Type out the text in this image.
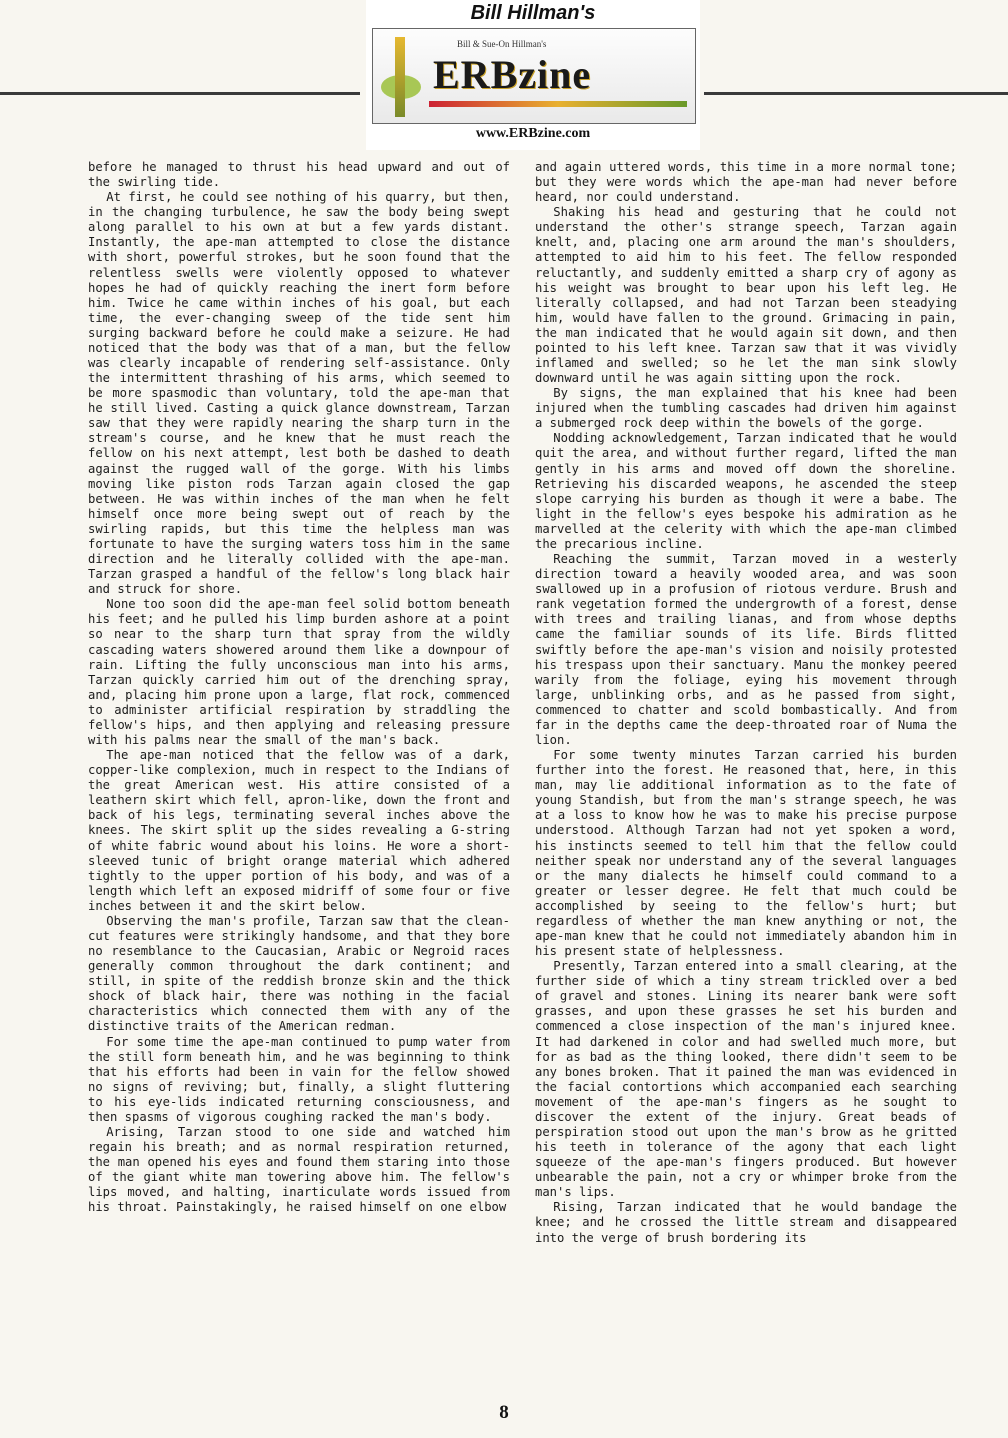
Bill Hillman's
Bill & Sue-On Hillman's
ERBzine
www.ERBzine.com

before he managed to thrust his head upward and out of the swirling tide.

At first, he could see nothing of his quarry, but then, in the changing turbulence, he saw the body being swept along parallel to his own at but a few yards distant. Instantly, the ape-man attempted to close the distance with short, powerful strokes, but he soon found that the relentless swells were violently opposed to whatever hopes he had of quickly reaching the inert form before him. Twice he came within inches of his goal, but each time, the ever-changing sweep of the tide sent him surging backward before he could make a seizure. He had noticed that the body was that of a man, but the fellow was clearly incapable of rendering self-assistance. Only the intermittent thrashing of his arms, which seemed to be more spasmodic than voluntary, told the ape-man that he still lived. Casting a quick glance downstream, Tarzan saw that they were rapidly nearing the sharp turn in the stream's course, and he knew that he must reach the fellow on his next attempt, lest both be dashed to death against the rugged wall of the gorge. With his limbs moving like piston rods Tarzan again closed the gap between. He was within inches of the man when he felt himself once more being swept out of reach by the swirling rapids, but this time the helpless man was fortunate to have the surging waters toss him in the same direction and he literally collided with the ape-man. Tarzan grasped a handful of the fellow's long black hair and struck for shore.

None too soon did the ape-man feel solid bottom beneath his feet; and he pulled his limp burden ashore at a point so near to the sharp turn that spray from the wildly cascading waters showered around them like a downpour of rain. Lifting the fully unconscious man into his arms, Tarzan quickly carried him out of the drenching spray, and, placing him prone upon a large, flat rock, commenced to administer artificial respiration by straddling the fellow's hips, and then applying and releasing pressure with his palms near the small of the man's back.

The ape-man noticed that the fellow was of a dark, copper-like complexion, much in respect to the Indians of the great American west. His attire consisted of a leathern skirt which fell, apron-like, down the front and back of his legs, terminating several inches above the knees. The skirt split up the sides revealing a G-string of white fabric wound about his loins. He wore a short-sleeved tunic of bright orange material which adhered tightly to the upper portion of his body, and was of a length which left an exposed midriff of some four or five inches between it and the skirt below.

Observing the man's profile, Tarzan saw that the clean-cut features were strikingly handsome, and that they bore no resemblance to the Caucasian, Arabic or Negroid races generally common throughout the dark continent; and still, in spite of the reddish bronze skin and the thick shock of black hair, there was nothing in the facial characteristics which connected them with any of the distinctive traits of the American redman.

For some time the ape-man continued to pump water from the still form beneath him, and he was beginning to think that his efforts had been in vain for the fellow showed no signs of reviving; but, finally, a slight fluttering to his eye-lids indicated returning consciousness, and then spasms of vigorous coughing racked the man's body.

Arising, Tarzan stood to one side and watched him regain his breath; and as normal respiration returned, the man opened his eyes and found them staring into those of the giant white man towering above him. The fellow's lips moved, and halting, inarticulate words issued from his throat. Painstakingly, he raised himself on one elbow

and again uttered words, this time in a more normal tone; but they were words which the ape-man had never before heard, nor could understand.

Shaking his head and gesturing that he could not understand the other's strange speech, Tarzan again knelt, and, placing one arm around the man's shoulders, attempted to aid him to his feet. The fellow responded reluctantly, and suddenly emitted a sharp cry of agony as his weight was brought to bear upon his left leg. He literally collapsed, and had not Tarzan been steadying him, would have fallen to the ground. Grimacing in pain, the man indicated that he would again sit down, and then pointed to his left knee. Tarzan saw that it was vividly inflamed and swelled; so he let the man sink slowly downward until he was again sitting upon the rock.

By signs, the man explained that his knee had been injured when the tumbling cascades had driven him against a submerged rock deep within the bowels of the gorge.

Nodding acknowledgement, Tarzan indicated that he would quit the area, and without further regard, lifted the man gently in his arms and moved off down the shoreline. Retrieving his discarded weapons, he ascended the steep slope carrying his burden as though it were a babe. The light in the fellow's eyes bespoke his admiration as he marvelled at the celerity with which the ape-man climbed the precarious incline.

Reaching the summit, Tarzan moved in a westerly direction toward a heavily wooded area, and was soon swallowed up in a profusion of riotous verdure. Brush and rank vegetation formed the undergrowth of a forest, dense with trees and trailing lianas, and from whose depths came the familiar sounds of its life. Birds flitted swiftly before the ape-man's vision and noisily protested his trespass upon their sanctuary. Manu the monkey peered warily from the foliage, eying his movement through large, unblinking orbs, and as he passed from sight, commenced to chatter and scold bombastically. And from far in the depths came the deep-throated roar of Numa the lion.

For some twenty minutes Tarzan carried his burden further into the forest. He reasoned that, here, in this man, may lie additional information as to the fate of young Standish, but from the man's strange speech, he was at a loss to know how he was to make his precise purpose understood. Although Tarzan had not yet spoken a word, his instincts seemed to tell him that the fellow could neither speak nor understand any of the several languages or the many dialects he himself could command to a greater or lesser degree. He felt that much could be accomplished by seeing to the fellow's hurt; but regardless of whether the man knew anything or not, the ape-man knew that he could not immediately abandon him in his present state of helplessness.

Presently, Tarzan entered into a small clearing, at the further side of which a tiny stream trickled over a bed of gravel and stones. Lining its nearer bank were soft grasses, and upon these grasses he set his burden and commenced a close inspection of the man's injured knee. It had darkened in color and had swelled much more, but for as bad as the thing looked, there didn't seem to be any bones broken. That it pained the man was evidenced in the facial contortions which accompanied each searching movement of the ape-man's fingers as he sought to discover the extent of the injury. Great beads of perspiration stood out upon the man's brow as he gritted his teeth in tolerance of the agony that each light squeeze of the ape-man's fingers produced. But however unbearable the pain, not a cry or whimper broke from the man's lips.

Rising, Tarzan indicated that he would bandage the knee; and he crossed the little stream and disappeared into the verge of brush bordering its

8
